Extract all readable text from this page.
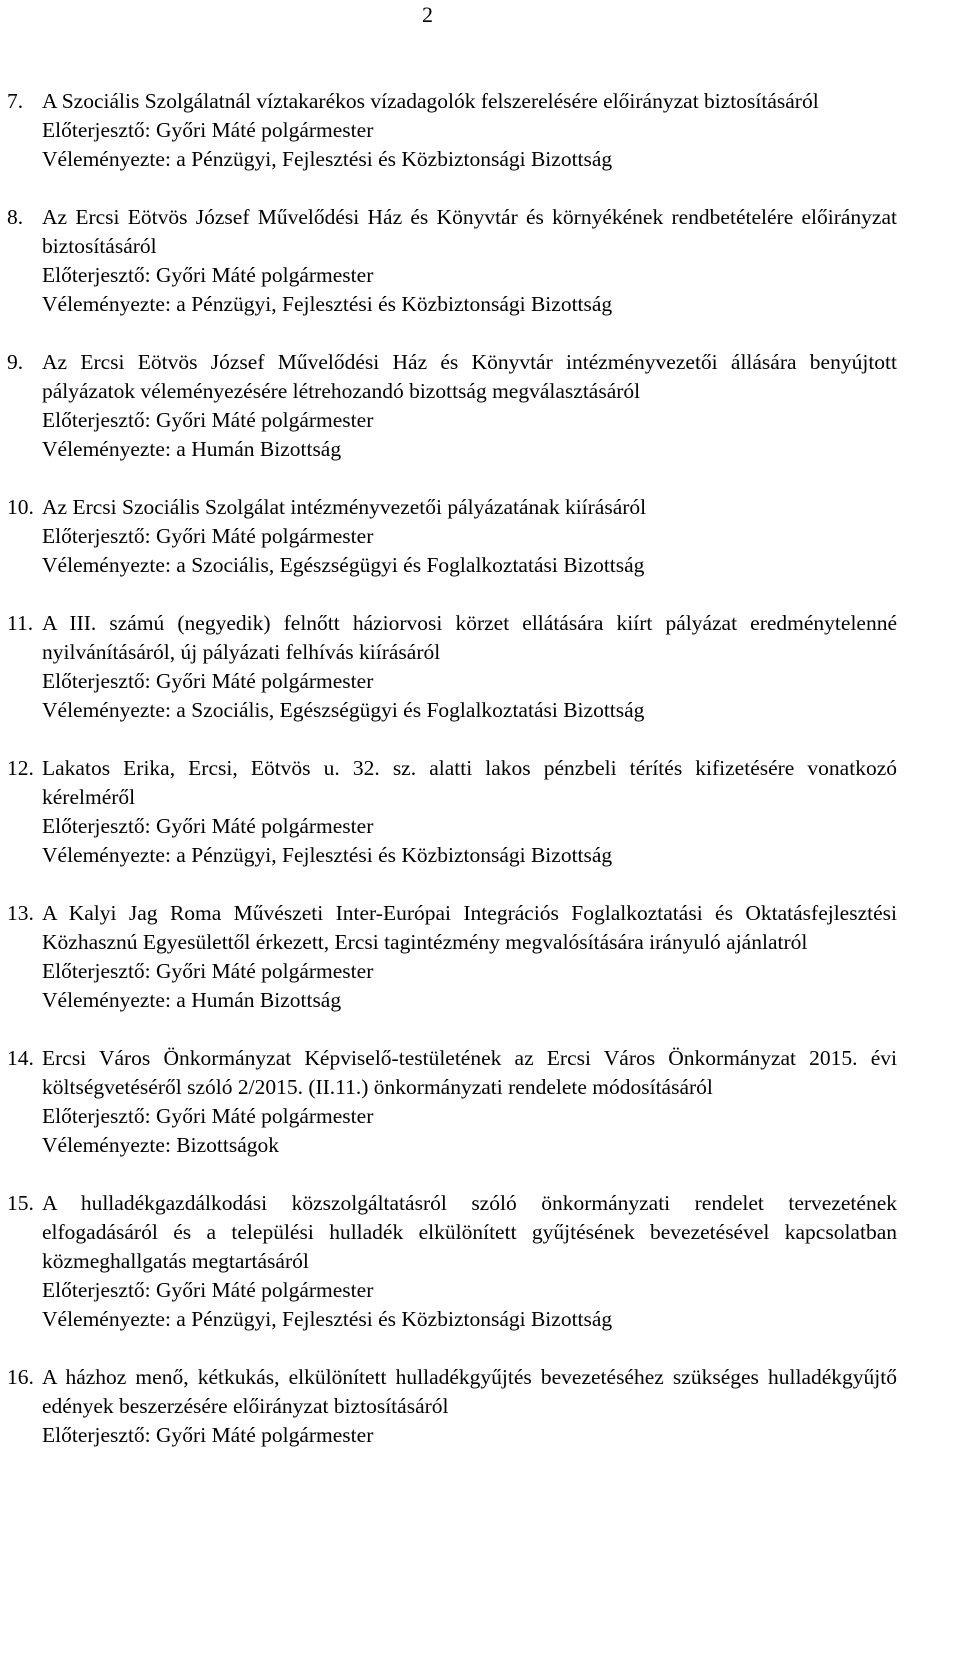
2
7. A Szociális Szolgálatnál víztakarékos vízadagolók felszerelésére előirányzat biztosításáról

Előterjesztő: Győri Máté polgármester

Véleményezte: a Pénzügyi, Fejlesztési és Közbiztonsági Bizottság

8. Az Ercsi Eötvös József Művelődési Ház és Könyvtár és környékének rendbetételére előirányzat biztosításáról

Előterjesztő: Győri Máté polgármester

Véleményezte: a Pénzügyi, Fejlesztési és Közbiztonsági Bizottság

9. Az Ercsi Eötvös József Művelődési Ház és Könyvtár intézményvezetői állására benyújtott pályázatok véleményezésére létrehozandó bizottság megválasztásáról

Előterjesztő: Győri Máté polgármester

Véleményezte: a Humán Bizottság

10. Az Ercsi Szociális Szolgálat intézményvezetői pályázatának kiírásáról

Előterjesztő: Győri Máté polgármester

Véleményezte: a Szociális, Egészségügyi és Foglalkoztatási Bizottság

11. A III. számú (negyedik) felnőtt háziorvosi körzet ellátására kiírt pályázat eredménytelenné nyilvánításáról, új pályázati felhívás kiírásáról

Előterjesztő: Győri Máté polgármester

Véleményezte: a Szociális, Egészségügyi és Foglalkoztatási Bizottság

12. Lakatos Erika, Ercsi, Eötvös u. 32. sz. alatti lakos pénzbeli térítés kifizetésére vonatkozó kérelméről

Előterjesztő: Győri Máté polgármester

Véleményezte: a Pénzügyi, Fejlesztési és Közbiztonsági Bizottság

13. A Kalyi Jag Roma Művészeti Inter-Európai Integrációs Foglalkoztatási és Oktatásfejlesztési Közhasznú Egyesülettől érkezett, Ercsi tagintézmény megvalósítására irányuló ajánlatról

Előterjesztő: Győri Máté polgármester

Véleményezte: a Humán Bizottság

14. Ercsi Város Önkormányzat Képviselő-testületének az Ercsi Város Önkormányzat 2015. évi költségvetéséről szóló 2/2015. (II.11.) önkormányzati rendelete módosításáról

Előterjesztő: Győri Máté polgármester

Véleményezte: Bizottságok

15. A hulladékgazdálkodási közszolgáltatásról szóló önkormányzati rendelet tervezetének elfogadásáról és a települési hulladék elkülönített gyűjtésének bevezetésével kapcsolatban közmeghallgatás megtartásáról

Előterjesztő: Győri Máté polgármester

Véleményezte: a Pénzügyi, Fejlesztési és Közbiztonsági Bizottság

16. A házhoz menő, kétkukás, elkülönített hulladékgyűjtés bevezetéséhez szükséges hulladékgyűjtő edények beszerzésére előirányzat biztosításáról

Előterjesztő: Győri Máté polgármester
